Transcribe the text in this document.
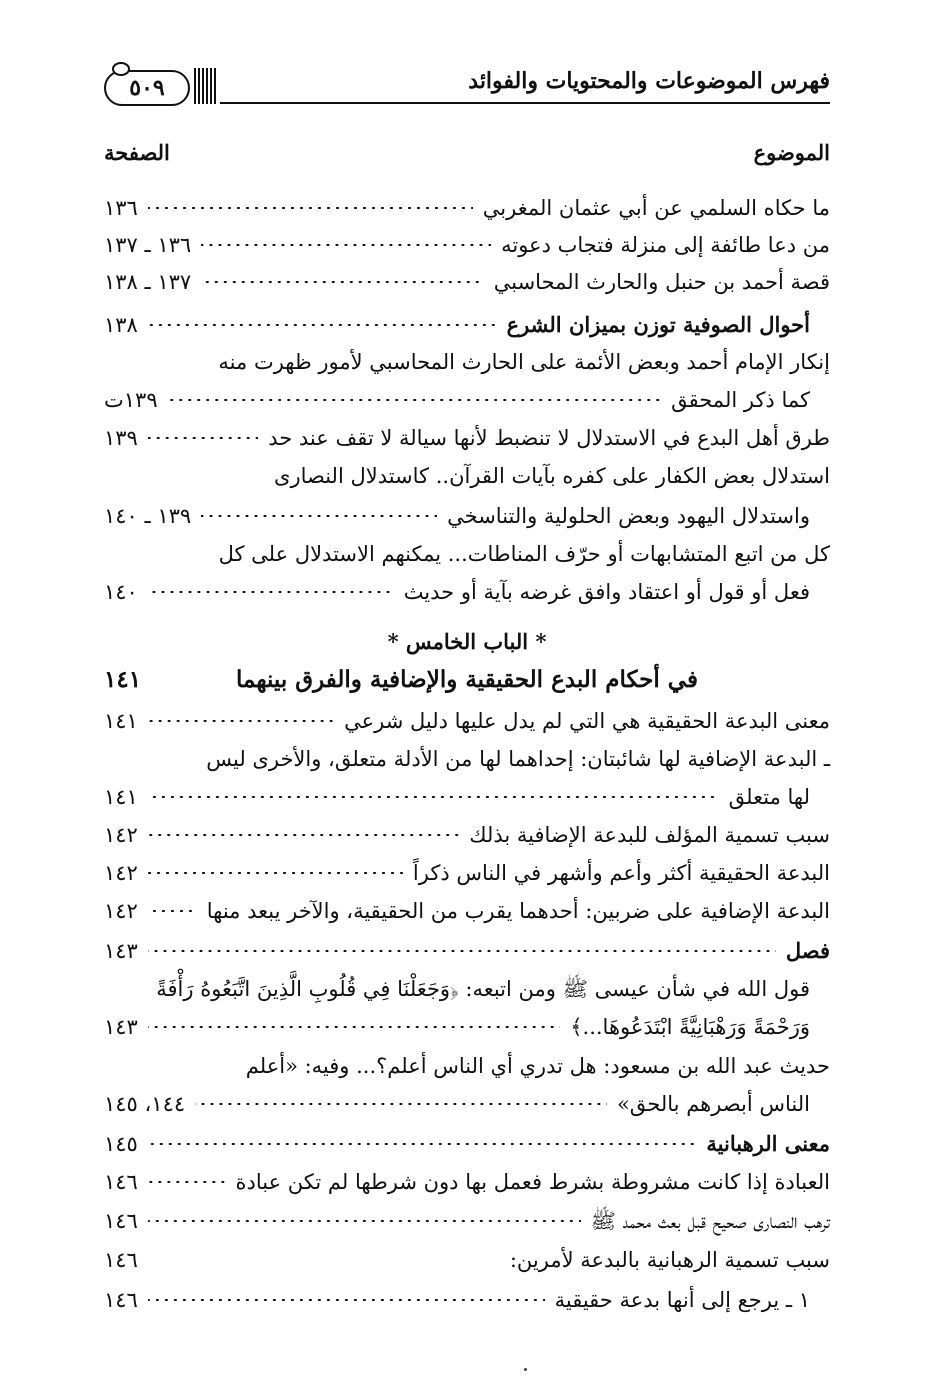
٥٠٩	فهرس الموضوعات والمحتويات والفوائد
الموضوع
الصفحة
ما حكاه السلمي عن أبي عثمان المغربي
١٣٦
من دعا طائفة إلى منزلة فتجاب دعوته
١٣٦ ـ ١٣٧
قصة أحمد بن حنبل والحارث المحاسبي
١٣٧ ـ ١٣٨
أحوال الصوفية توزن بميزان الشرع
١٣٨
إنكار الإمام أحمد وبعض الأئمة على الحارث المحاسبي لأمور ظهرت منه
كما ذكر المحقق
١٣٩ت
طرق أهل البدع في الاستدلال لا تنضبط لأنها سيالة لا تقف عند حد
١٣٩
استدلال بعض الكفار على كفره بآيات القرآن.. كاستدلال النصارى
واستدلال اليهود وبعض الحلولية والتناسخي
١٣٩ ـ ١٤٠
كل من اتبع المتشابهات أو حرّف المناطات... يمكنهم الاستدلال على كل
فعل أو قول أو اعتقاد وافق غرضه بآية أو حديث
١٤٠
* الباب الخامس *
في أحكام البدع الحقيقية والإضافية والفرق بينهما
١٤١
معنى البدعة الحقيقية هي التي لم يدل عليها دليل شرعي
١٤١
ـ البدعة الإضافية لها شائبتان: إحداهما لها من الأدلة متعلق، والأخرى ليس
لها متعلق
١٤١
سبب تسمية المؤلف للبدعة الإضافية بذلك
١٤٢
البدعة الحقيقية أكثر وأعم وأشهر في الناس ذكراً
١٤٢
البدعة الإضافية على ضربين: أحدهما يقرب من الحقيقية، والآخر يبعد منها
١٤٢
فصل
١٤٣
قول الله في شأن عيسى ﷺ ومن اتبعه: ﴿وَجَعَلْنَا فِي قُلُوبِ الَّذِينَ اتَّبَعُوهُ رَأْفَةً
وَرَحْمَةً وَرَهْبَانِيَّةً ابْتَدَعُوهَا...﴾
١٤٣
حديث عبد الله بن مسعود: هل تدري أي الناس أعلم؟... وفيه: «أعلم
الناس أبصرهم بالحق»
١٤٤، ١٤٥
معنى الرهبانية
١٤٥
العبادة إذا كانت مشروطة بشرط فعمل بها دون شرطها لم تكن عبادة
١٤٦
ترهب النصارى صحيح قبل بعث محمد ﷺ
١٤٦
سبب تسمية الرهبانية بالبدعة لأمرين:
١٤٦
١ ـ يرجع إلى أنها بدعة حقيقية
١٤٦
